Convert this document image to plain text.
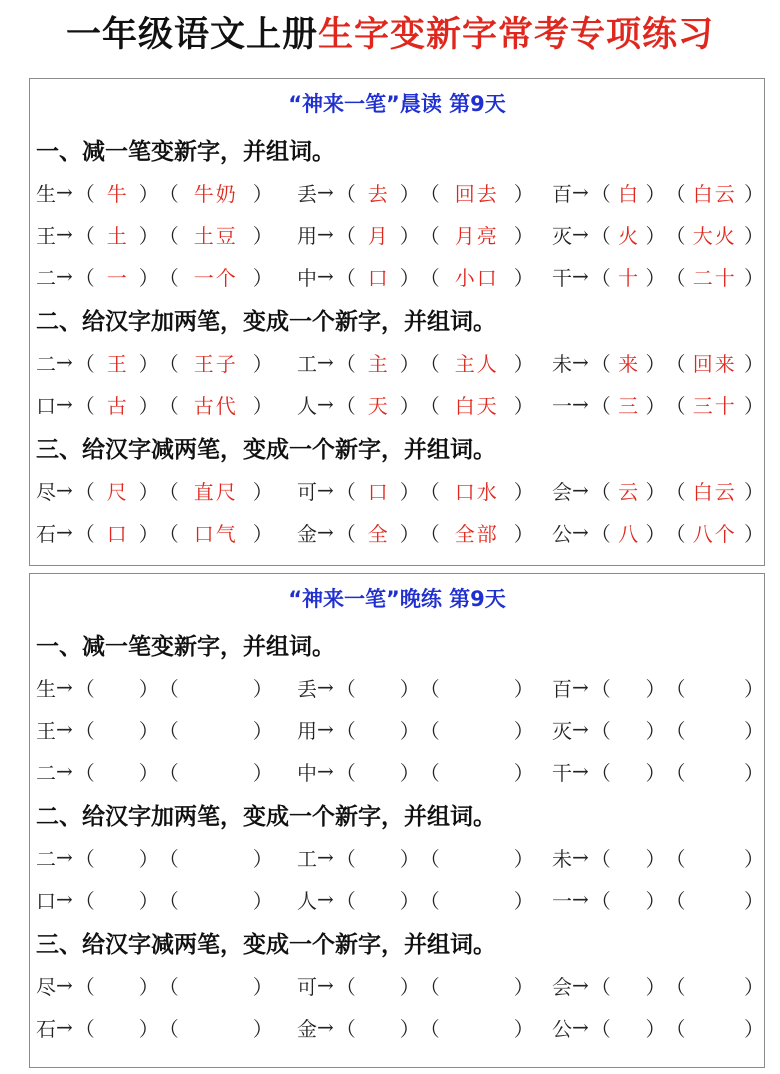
一年级语文上册 生字变新字常考专项练习
“神来一笔”晨读 第9天
一、减一笔变新字，并组词。
生 → （ 牛 ） （ 牛奶 ） 丢 → （ 去 ） （ 回去 ） 百 → （ 白 ） （ 白云 ）
王 → （ 土 ） （ 土豆 ） 用 → （ 月 ） （ 月亮 ） 灭 → （ 火 ） （ 大火 ）
二 → （ 一 ） （ 一个 ） 中 → （ 口 ） （ 小口 ） 干 → （ 十 ） （ 二十 ）
二、给汉字加两笔，变成一个新字，并组词。
二 → （ 王 ） （ 王子 ） 工 → （ 主 ） （ 主人 ） 未 → （ 来 ） （ 回来 ）
口 → （ 古 ） （ 古代 ） 人 → （ 天 ） （ 白天 ） 一 → （ 三 ） （ 三十 ）
三、给汉字减两笔，变成一个新字，并组词。
尽 → （ 尺 ） （ 直尺 ） 可 → （ 口 ） （ 口水 ） 会 → （ 云 ） （ 白云 ）
石 → （ 口 ） （ 口气 ） 金 → （ 全 ） （ 全部 ） 公 → （ 八 ） （ 八个 ）
“神来一笔”晚练 第9天
一、减一笔变新字，并组词。
生 → （ ） （	） 丢 → （ ） （	） 百 → （ ） （	）
王 → （ ） （	） 用 → （ ） （	） 灭 → （ ） （	）
二 → （ ） （	） 中 → （ ） （	） 干 → （ ） （	）
二、给汉字加两笔，变成一个新字，并组词。
二 → （ ） （	） 工 → （ ） （	） 未 → （ ） （	）
口 → （ ） （	） 人 → （ ） （	） 一 → （ ） （	）
三、给汉字减两笔，变成一个新字，并组词。
尽 → （ ） （	） 可 → （ ） （	） 会 → （ ） （	）
石 → （ ） （	） 金 → （ ） （	） 公 → （ ） （	）
